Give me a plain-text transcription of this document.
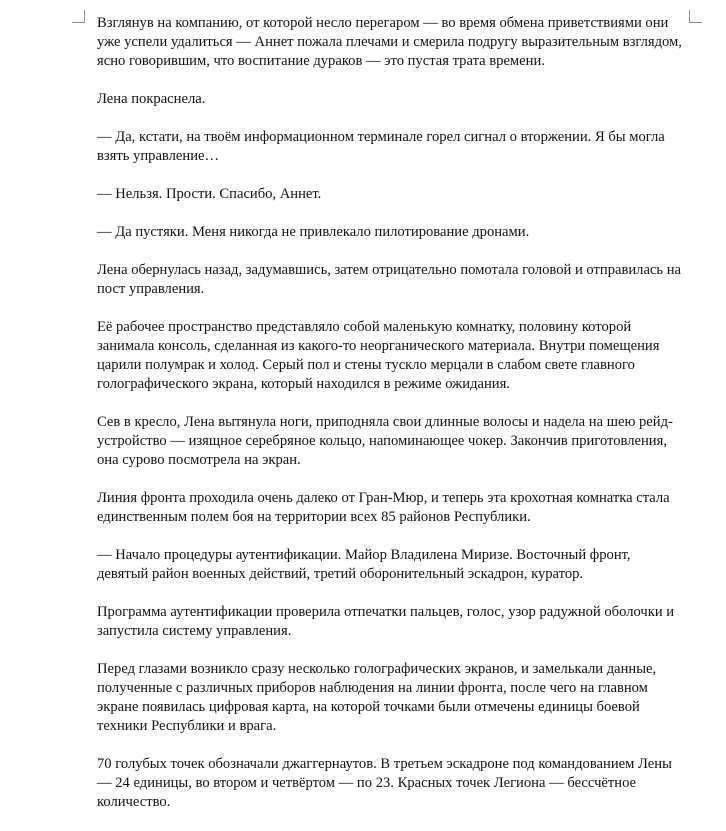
Взглянув на компанию, от которой несло перегаром — во время обмена приветствиями они
уже успели удалиться — Аннет пожала плечами и смерила подругу выразительным взглядом,
ясно говорившим, что воспитание дураков — это пустая трата времени.

Лена покраснела.

— Да, кстати, на твоём информационном терминале горел сигнал о вторжении. Я бы могла
взять управление…

— Нельзя. Прости. Спасибо, Аннет.

— Да пустяки. Меня никогда не привлекало пилотирование дронами.

Лена обернулась назад, задумавшись, затем отрицательно помотала головой и отправилась на
пост управления.

Её рабочее пространство представляло собой маленькую комнатку, половину которой
занимала консоль, сделанная из какого-то неорганического материала. Внутри помещения
царили полумрак и холод. Серый пол и стены тускло мерцали в слабом свете главного
голографического экрана, который находился в режиме ожидания.

Сев в кресло, Лена вытянула ноги, приподняла свои длинные волосы и надела на шею рейд-
устройство — изящное серебряное кольцо, напоминающее чокер. Закончив приготовления,
она сурово посмотрела на экран.

Линия фронта проходила очень далеко от Гран-Мюр, и теперь эта крохотная комнатка стала
единственным полем боя на территории всех 85 районов Республики.

— Начало процедуры аутентификации. Майор Владилена Миризе. Восточный фронт,
девятый район военных действий, третий оборонительный эскадрон, куратор.

Программа аутентификации проверила отпечатки пальцев, голос, узор радужной оболочки и
запустила систему управления.

Перед глазами возникло сразу несколько голографических экранов, и замелькали данные,
полученные с различных приборов наблюдения на линии фронта, после чего на главном
экране появилась цифровая карта, на которой точками были отмечены единицы боевой
техники Республики и врага.

70 голубых точек обозначали джаггернаутов. В третьем эскадроне под командованием Лены
— 24 единицы, во втором и четвёртом — по 23. Красных точек Легиона — бессчётное
количество.
